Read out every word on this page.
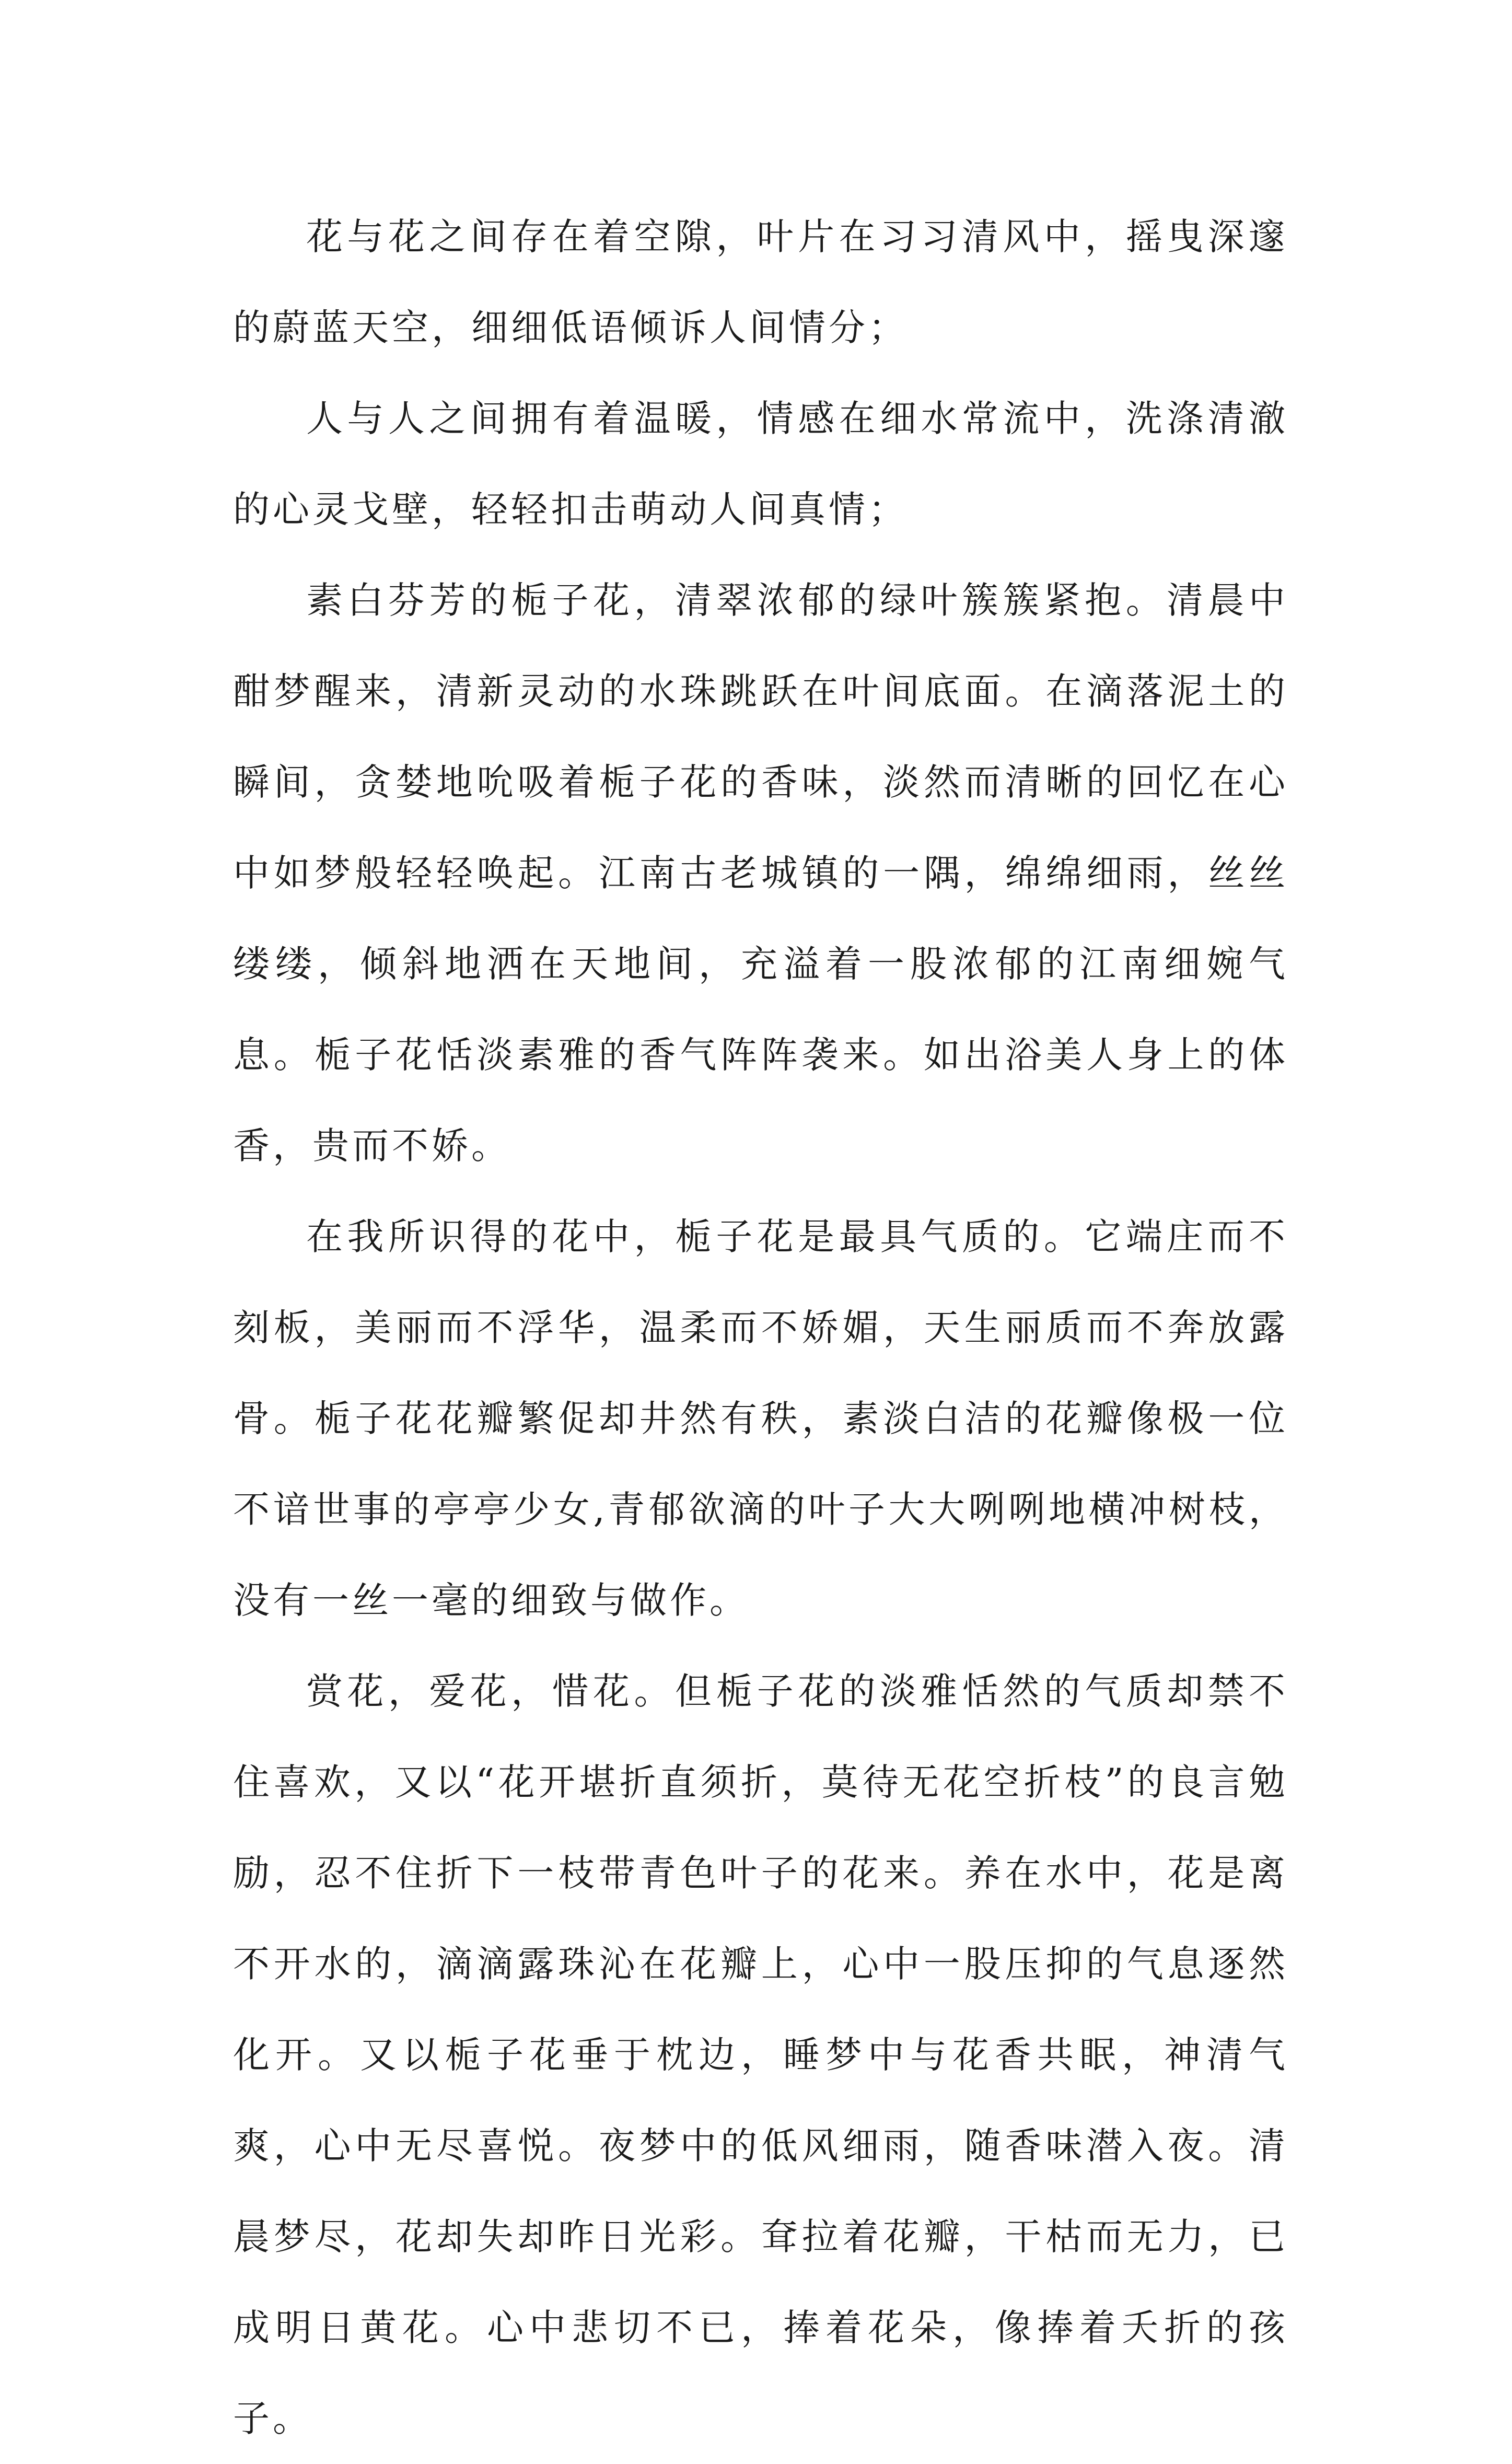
花与花之间存在着空隙，叶片在习习清风中，摇曳深邃的蔚蓝天空，细细低语倾诉人间情分；

人与人之间拥有着温暖，情感在细水常流中，洗涤清澈的心灵戈壁，轻轻扣击萌动人间真情；

素白芬芳的栀子花，清翠浓郁的绿叶簇簇紧抱。清晨中酣梦醒来，清新灵动的水珠跳跃在叶间底面。在滴落泥土的瞬间，贪婪地吮吸着栀子花的香味，淡然而清晰的回忆在心中如梦般轻轻唤起。江南古老城镇的一隅，绵绵细雨，丝丝缕缕，倾斜地洒在天地间，充溢着一股浓郁的江南细婉气息。栀子花恬淡素雅的香气阵阵袭来。如出浴美人身上的体香，贵而不娇。

在我所识得的花中，栀子花是最具气质的。它端庄而不刻板，美丽而不浮华，温柔而不娇媚，天生丽质而不奔放露骨。栀子花花瓣繁促却井然有秩，素淡白洁的花瓣像极一位不谙世事的亭亭少女,青郁欲滴的叶子大大咧咧地横冲树枝，没有一丝一毫的细致与做作。

赏花，爱花，惜花。但栀子花的淡雅恬然的气质却禁不住喜欢，又以“花开堪折直须折，莫待无花空折枝”的良言勉励，忍不住折下一枝带青色叶子的花来。养在水中，花是离不开水的，滴滴露珠沁在花瓣上，心中一股压抑的气息逐然化开。又以栀子花垂于枕边，睡梦中与花香共眠，神清气爽，心中无尽喜悦。夜梦中的低风细雨，随香味潜入夜。清晨梦尽，花却失却昨日光彩。耷拉着花瓣，干枯而无力，已成明日黄花。心中悲切不已，捧着花朵，像捧着夭折的孩子。
